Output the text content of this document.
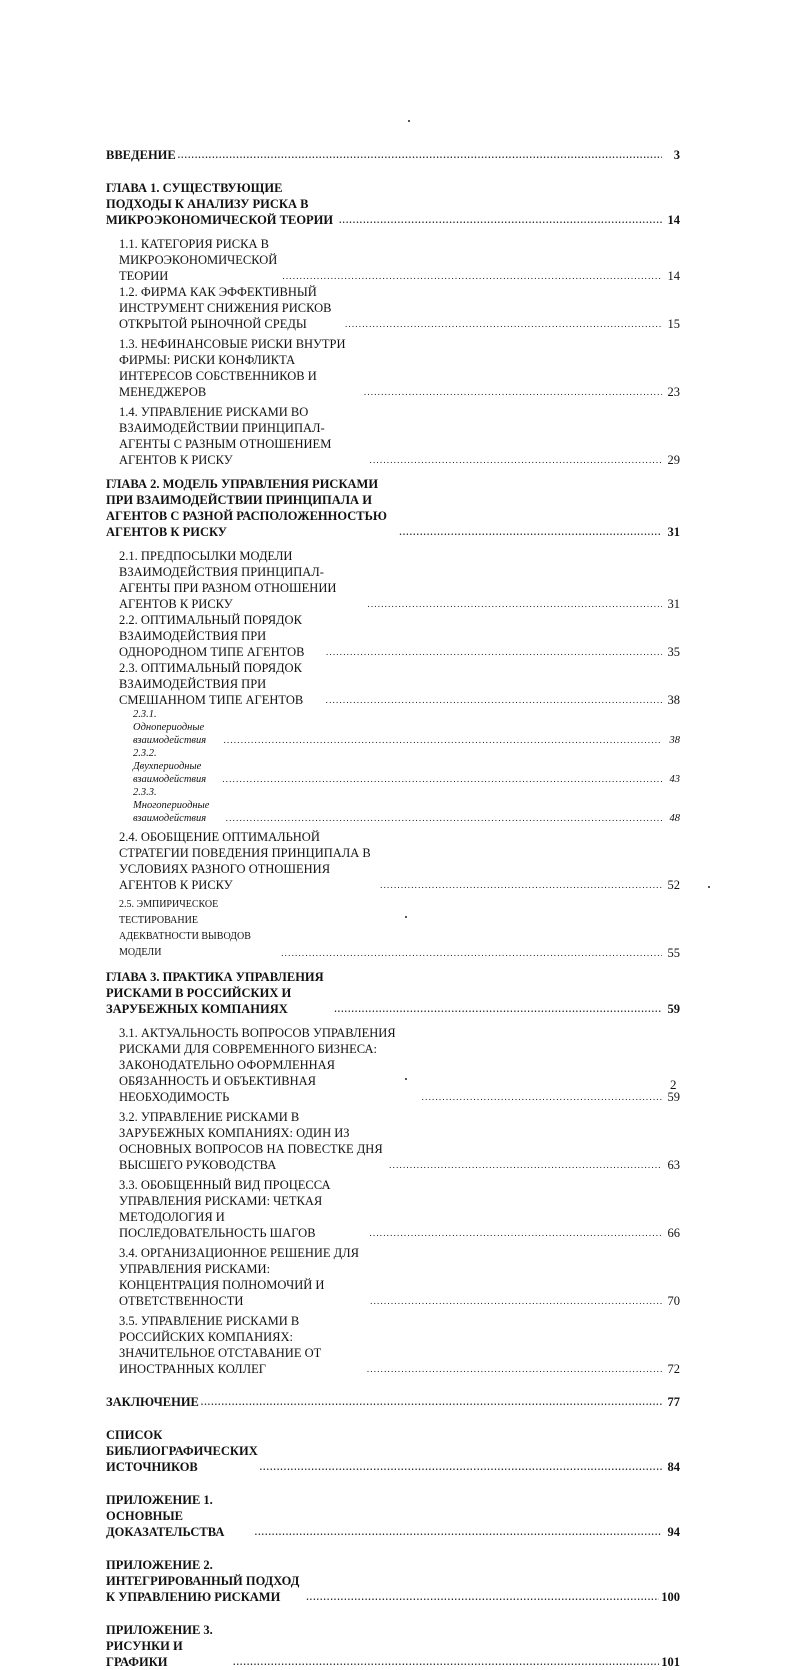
ВВЕДЕНИЕ .....	3
ГЛАВА 1. СУЩЕСТВУЮЩИЕ ПОДХОДЫ К АНАЛИЗУ РИСКА В МИКРОЭКОНОМИЧЕСКОЙ ТЕОРИИ .....	14
1.1. КАТЕГОРИЯ РИСКА В МИКРОЭКОНОМИЧЕСКОЙ ТЕОРИИ .....	14
1.2. ФИРМА КАК ЭФФЕКТИВНЫЙ ИНСТРУМЕНТ СНИЖЕНИЯ РИСКОВ ОТКРЫТОЙ РЫНОЧНОЙ СРЕДЫ .....	15
1.3. НЕФИНАНСОВЫЕ РИСКИ ВНУТРИ ФИРМЫ: РИСКИ КОНФЛИКТА ИНТЕРЕСОВ СОБСТВЕННИКОВ И МЕНЕДЖЕРОВ .....	23
1.4. УПРАВЛЕНИЕ РИСКАМИ ВО ВЗАИМОДЕЙСТВИИ ПРИНЦИПАЛ-АГЕНТЫ С РАЗНЫМ ОТНОШЕНИЕМ АГЕНТОВ К РИСКУ .....	29
ГЛАВА 2. МОДЕЛЬ УПРАВЛЕНИЯ РИСКАМИ ПРИ ВЗАИМОДЕЙСТВИИ ПРИНЦИПАЛА И АГЕНТОВ С РАЗНОЙ РАСПОЛОЖЕННОСТЬЮ АГЕНТОВ К РИСКУ .....	31
2.1. ПРЕДПОСЫЛКИ МОДЕЛИ ВЗАИМОДЕЙСТВИЯ ПРИНЦИПАЛ-АГЕНТЫ ПРИ РАЗНОМ ОТНОШЕНИИ АГЕНТОВ К РИСКУ .....	31
2.2. ОПТИМАЛЬНЫЙ ПОРЯДОК ВЗАИМОДЕЙСТВИЯ ПРИ ОДНОРОДНОМ ТИПЕ АГЕНТОВ .....	35
2.3. ОПТИМАЛЬНЫЙ ПОРЯДОК ВЗАИМОДЕЙСТВИЯ ПРИ СМЕШАННОМ ТИПЕ АГЕНТОВ .....	38
2.3.1. Однопериодные взаимодействия .....	38
2.3.2. Двухпериодные взаимодействия .....	43
2.3.3. Многопериодные взаимодействия .....	48
2.4. ОБОБЩЕНИЕ ОПТИМАЛЬНОЙ СТРАТЕГИИ ПОВЕДЕНИЯ ПРИНЦИПАЛА В УСЛОВИЯХ РАЗНОГО ОТНОШЕНИЯ АГЕНТОВ К РИСКУ .....	52
2.5. ЭМПИРИЧЕСКОЕ ТЕСТИРОВАНИЕ АДЕКВАТНОСТИ ВЫВОДОВ МОДЕЛИ .....	55
ГЛАВА 3. ПРАКТИКА УПРАВЛЕНИЯ РИСКАМИ В РОССИЙСКИХ И ЗАРУБЕЖНЫХ КОМПАНИЯХ .....	59
3.1. АКТУАЛЬНОСТЬ ВОПРОСОВ УПРАВЛЕНИЯ РИСКАМИ ДЛЯ СОВРЕМЕННОГО БИЗНЕСА: ЗАКОНОДАТЕЛЬНО ОФОРМЛЕННАЯ ОБЯЗАННОСТЬ И ОБЪЕКТИВНАЯ НЕОБХОДИМОСТЬ .....	59
3.2. УПРАВЛЕНИЕ РИСКАМИ В ЗАРУБЕЖНЫХ КОМПАНИЯХ: ОДИН ИЗ ОСНОВНЫХ ВОПРОСОВ НА ПОВЕСТКЕ ДНЯ ВЫСШЕГО РУКОВОДСТВА .....	63
3.3. ОБОБЩЕННЫЙ ВИД ПРОЦЕССА УПРАВЛЕНИЯ РИСКАМИ: ЧЕТКАЯ МЕТОДОЛОГИЯ И ПОСЛЕДОВАТЕЛЬНОСТЬ ШАГОВ .....	66
3.4. ОРГАНИЗАЦИОННОЕ РЕШЕНИЕ ДЛЯ УПРАВЛЕНИЯ РИСКАМИ: КОНЦЕНТРАЦИЯ ПОЛНОМОЧИЙ И ОТВЕТСТВЕННОСТИ .....	70
3.5. УПРАВЛЕНИЕ РИСКАМИ В РОССИЙСКИХ КОМПАНИЯХ: ЗНАЧИТЕЛЬНОЕ ОТСТАВАНИЕ ОТ ИНОСТРАННЫХ КОЛЛЕГ .....	72
ЗАКЛЮЧЕНИЕ .....	77
СПИСОК БИБЛИОГРАФИЧЕСКИХ ИСТОЧНИКОВ .....	84
ПРИЛОЖЕНИЕ 1. ОСНОВНЫЕ ДОКАЗАТЕЛЬСТВА .....	94
ПРИЛОЖЕНИЕ 2. ИНТЕГРИРОВАННЫЙ ПОДХОД К УПРАВЛЕНИЮ РИСКАМИ .....	100
ПРИЛОЖЕНИЕ 3. РИСУНКИ И ГРАФИКИ .....	101
2
